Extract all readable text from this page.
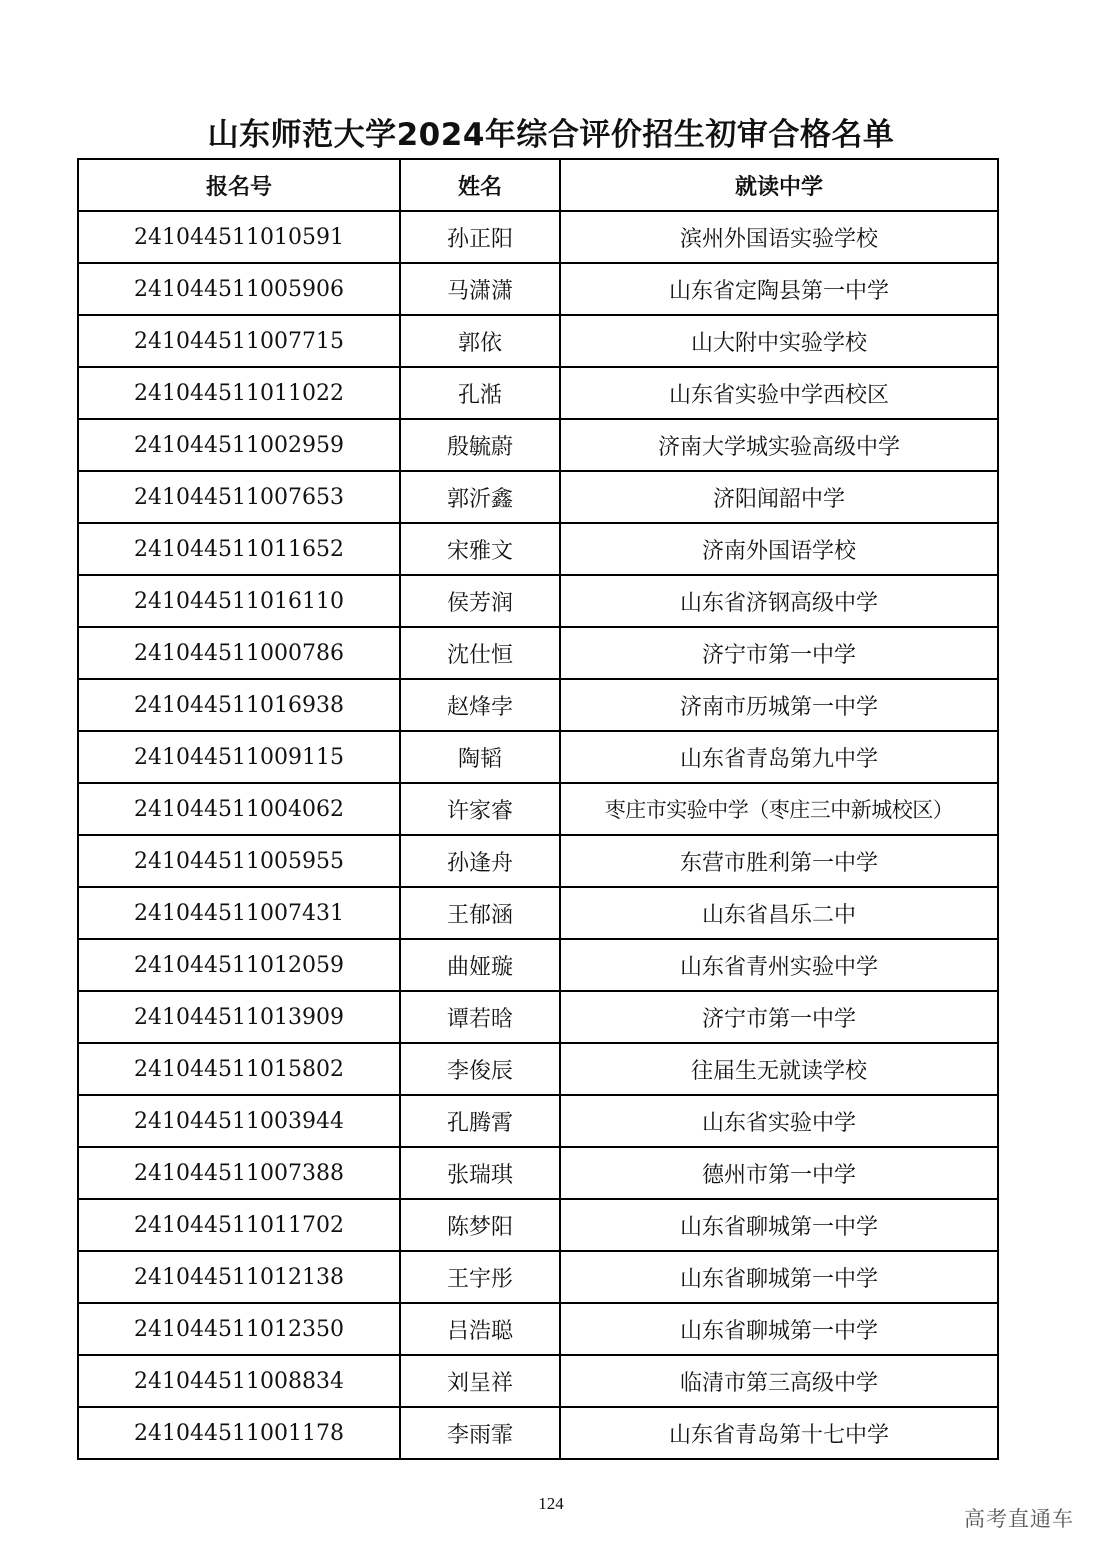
山东师范大学2024年综合评价招生初审合格名单
报名号	姓名	就读中学
241044511010591	孙正阳	滨州外国语实验学校
241044511005906	马潇潇	山东省定陶县第一中学
241044511007715	郭依	山大附中实验学校
241044511011022	孔湉	山东省实验中学西校区
241044511002959	殷毓蔚	济南大学城实验高级中学
241044511007653	郭沂鑫	济阳闻韶中学
241044511011652	宋雅文	济南外国语学校
241044511016110	侯芳润	山东省济钢高级中学
241044511000786	沈仕恒	济宁市第一中学
241044511016938	赵烽孛	济南市历城第一中学
241044511009115	陶韬	山东省青岛第九中学
241044511004062	许家睿	枣庄市实验中学（枣庄三中新城校区）
241044511005955	孙逢舟	东营市胜利第一中学
241044511007431	王郁涵	山东省昌乐二中
241044511012059	曲娅璇	山东省青州实验中学
241044511013909	谭若晗	济宁市第一中学
241044511015802	李俊辰	往届生无就读学校
241044511003944	孔腾霄	山东省实验中学
241044511007388	张瑞琪	德州市第一中学
241044511011702	陈梦阳	山东省聊城第一中学
241044511012138	王宇彤	山东省聊城第一中学
241044511012350	吕浩聪	山东省聊城第一中学
241044511008834	刘呈祥	临清市第三高级中学
241044511001178	李雨霏	山东省青岛第十七中学
124
高考直通车
